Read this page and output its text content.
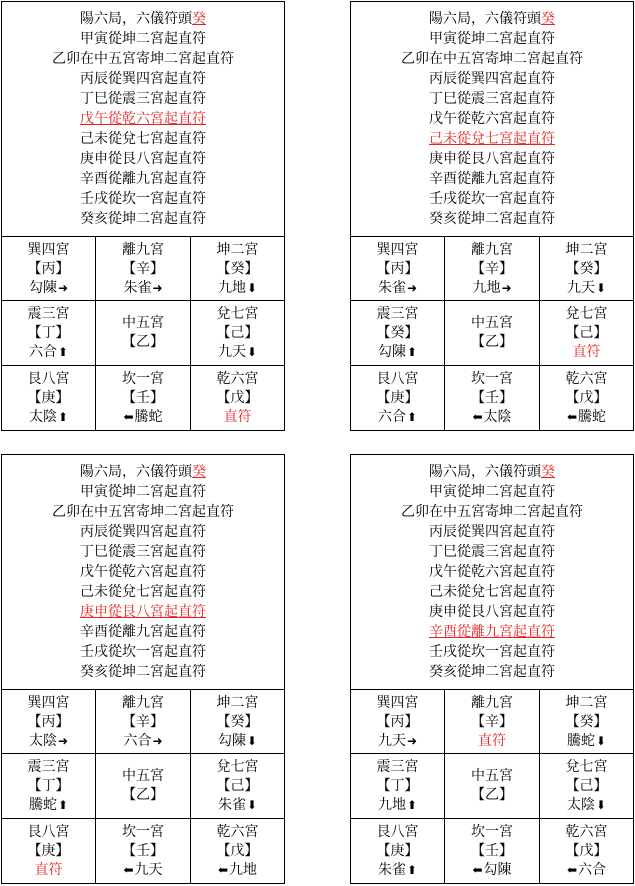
陽六局，六儀符頭癸
甲寅從坤二宮起直符
乙卯在中五宮寄坤二宮起直符
丙辰從巽四宮起直符
丁巳從震三宮起直符
戊午從乾六宮起直符
己未從兌七宮起直符
庚申從艮八宮起直符
辛酉從離九宮起直符
壬戌從坎一宮起直符
癸亥從坤二宮起直符
巽四宮
【丙】
勾陳➜
離九宮
【辛】
朱雀➜
坤二宮
【癸】
九地⬇
震三宮
【丁】
六合⬆
中五宮
【乙】
兌七宮
【己】
九天⬇
艮八宮
【庚】
太陰⬆
坎一宮
【壬】
⬅騰蛇
乾六宮
【戊】
直符
陽六局，六儀符頭癸
甲寅從坤二宮起直符
乙卯在中五宮寄坤二宮起直符
丙辰從巽四宮起直符
丁巳從震三宮起直符
戊午從乾六宮起直符
己未從兌七宮起直符
庚申從艮八宮起直符
辛酉從離九宮起直符
壬戌從坎一宮起直符
癸亥從坤二宮起直符
巽四宮
【丙】
朱雀➜
離九宮
【辛】
九地➜
坤二宮
【癸】
九天⬇
震三宮
【癸】
勾陳⬆
中五宮
【乙】
兌七宮
【己】
直符
艮八宮
【庚】
六合⬆
坎一宮
【壬】
⬅太陰
乾六宮
【戊】
⬅騰蛇
陽六局，六儀符頭癸
甲寅從坤二宮起直符
乙卯在中五宮寄坤二宮起直符
丙辰從巽四宮起直符
丁巳從震三宮起直符
戊午從乾六宮起直符
己未從兌七宮起直符
庚申從艮八宮起直符
辛酉從離九宮起直符
壬戌從坎一宮起直符
癸亥從坤二宮起直符
巽四宮
【丙】
太陰➜
離九宮
【辛】
六合➜
坤二宮
【癸】
勾陳⬇
震三宮
【丁】
騰蛇⬆
中五宮
【乙】
兌七宮
【己】
朱雀⬇
艮八宮
【庚】
直符
坎一宮
【壬】
⬅九天
乾六宮
【戊】
⬅九地
陽六局，六儀符頭癸
甲寅從坤二宮起直符
乙卯在中五宮寄坤二宮起直符
丙辰從巽四宮起直符
丁巳從震三宮起直符
戊午從乾六宮起直符
己未從兌七宮起直符
庚申從艮八宮起直符
辛酉從離九宮起直符
壬戌從坎一宮起直符
癸亥從坤二宮起直符
巽四宮
【丙】
九天➜
離九宮
【辛】
直符
坤二宮
【癸】
騰蛇⬇
震三宮
【丁】
九地⬆
中五宮
【乙】
兌七宮
【己】
太陰⬇
艮八宮
【庚】
朱雀⬆
坎一宮
【壬】
⬅勾陳
乾六宮
【戊】
⬅六合
